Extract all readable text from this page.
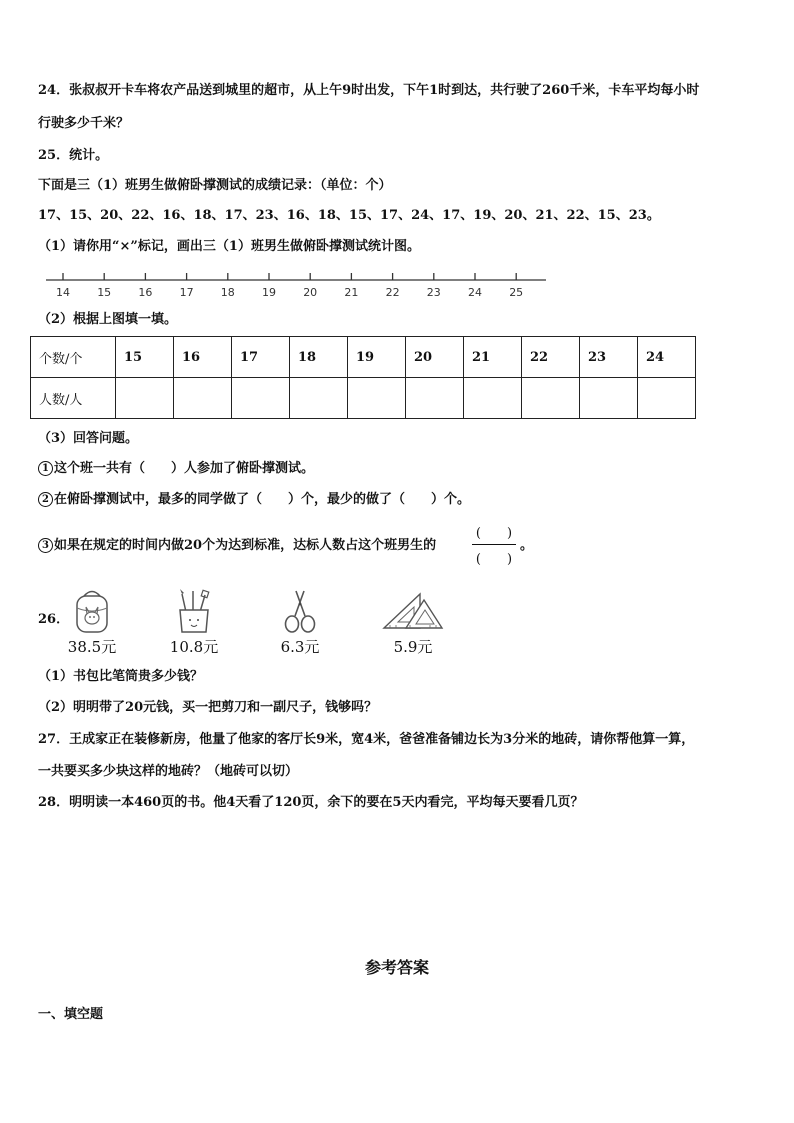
24．张叔叔开卡车将农产品送到城里的超市，从上午9时出发，下午1时到达，共行驶了260千米，卡车平均每小时
行驶多少千米？
25．统计。
下面是三（1）班男生做俯卧撑测试的成绩记录：（单位：个）
17、15、20、22、16、18、17、23、16、18、15、17、24、17、19、20、21、22、15、23。
（1）请你用“×”标记，画出三（1）班男生做俯卧撑测试统计图。
14 15 16 17 18 19 20 21 22 23 24 25
（2）根据上图填一填。
个数/个	15	16	17	18	19	20	21	22	23	24
人数/人										
（3）回答问题。
1 这个班一共有（　　）人参加了俯卧撑测试。
2 在俯卧撑测试中，最多的同学做了（　　）个，最少的做了（　　）个。
3 如果在规定的时间内做20个为达到标准，达标人数占这个班男生的
(　　)
(　　)
。
26．
38.5元	10.8元	6.3元	5.9元
（1）书包比笔筒贵多少钱？
（2）明明带了20元钱，买一把剪刀和一副尺子，钱够吗？
27．王成家正在装修新房，他量了他家的客厅长9米，宽4米，爸爸准备铺边长为3分米的地砖，请你帮他算一算，
一共要买多少块这样的地砖？（地砖可以切）
28．明明读一本460页的书。他4天看了120页，余下的要在5天内看完，平均每天要看几页？
参考答案
一、填空题
